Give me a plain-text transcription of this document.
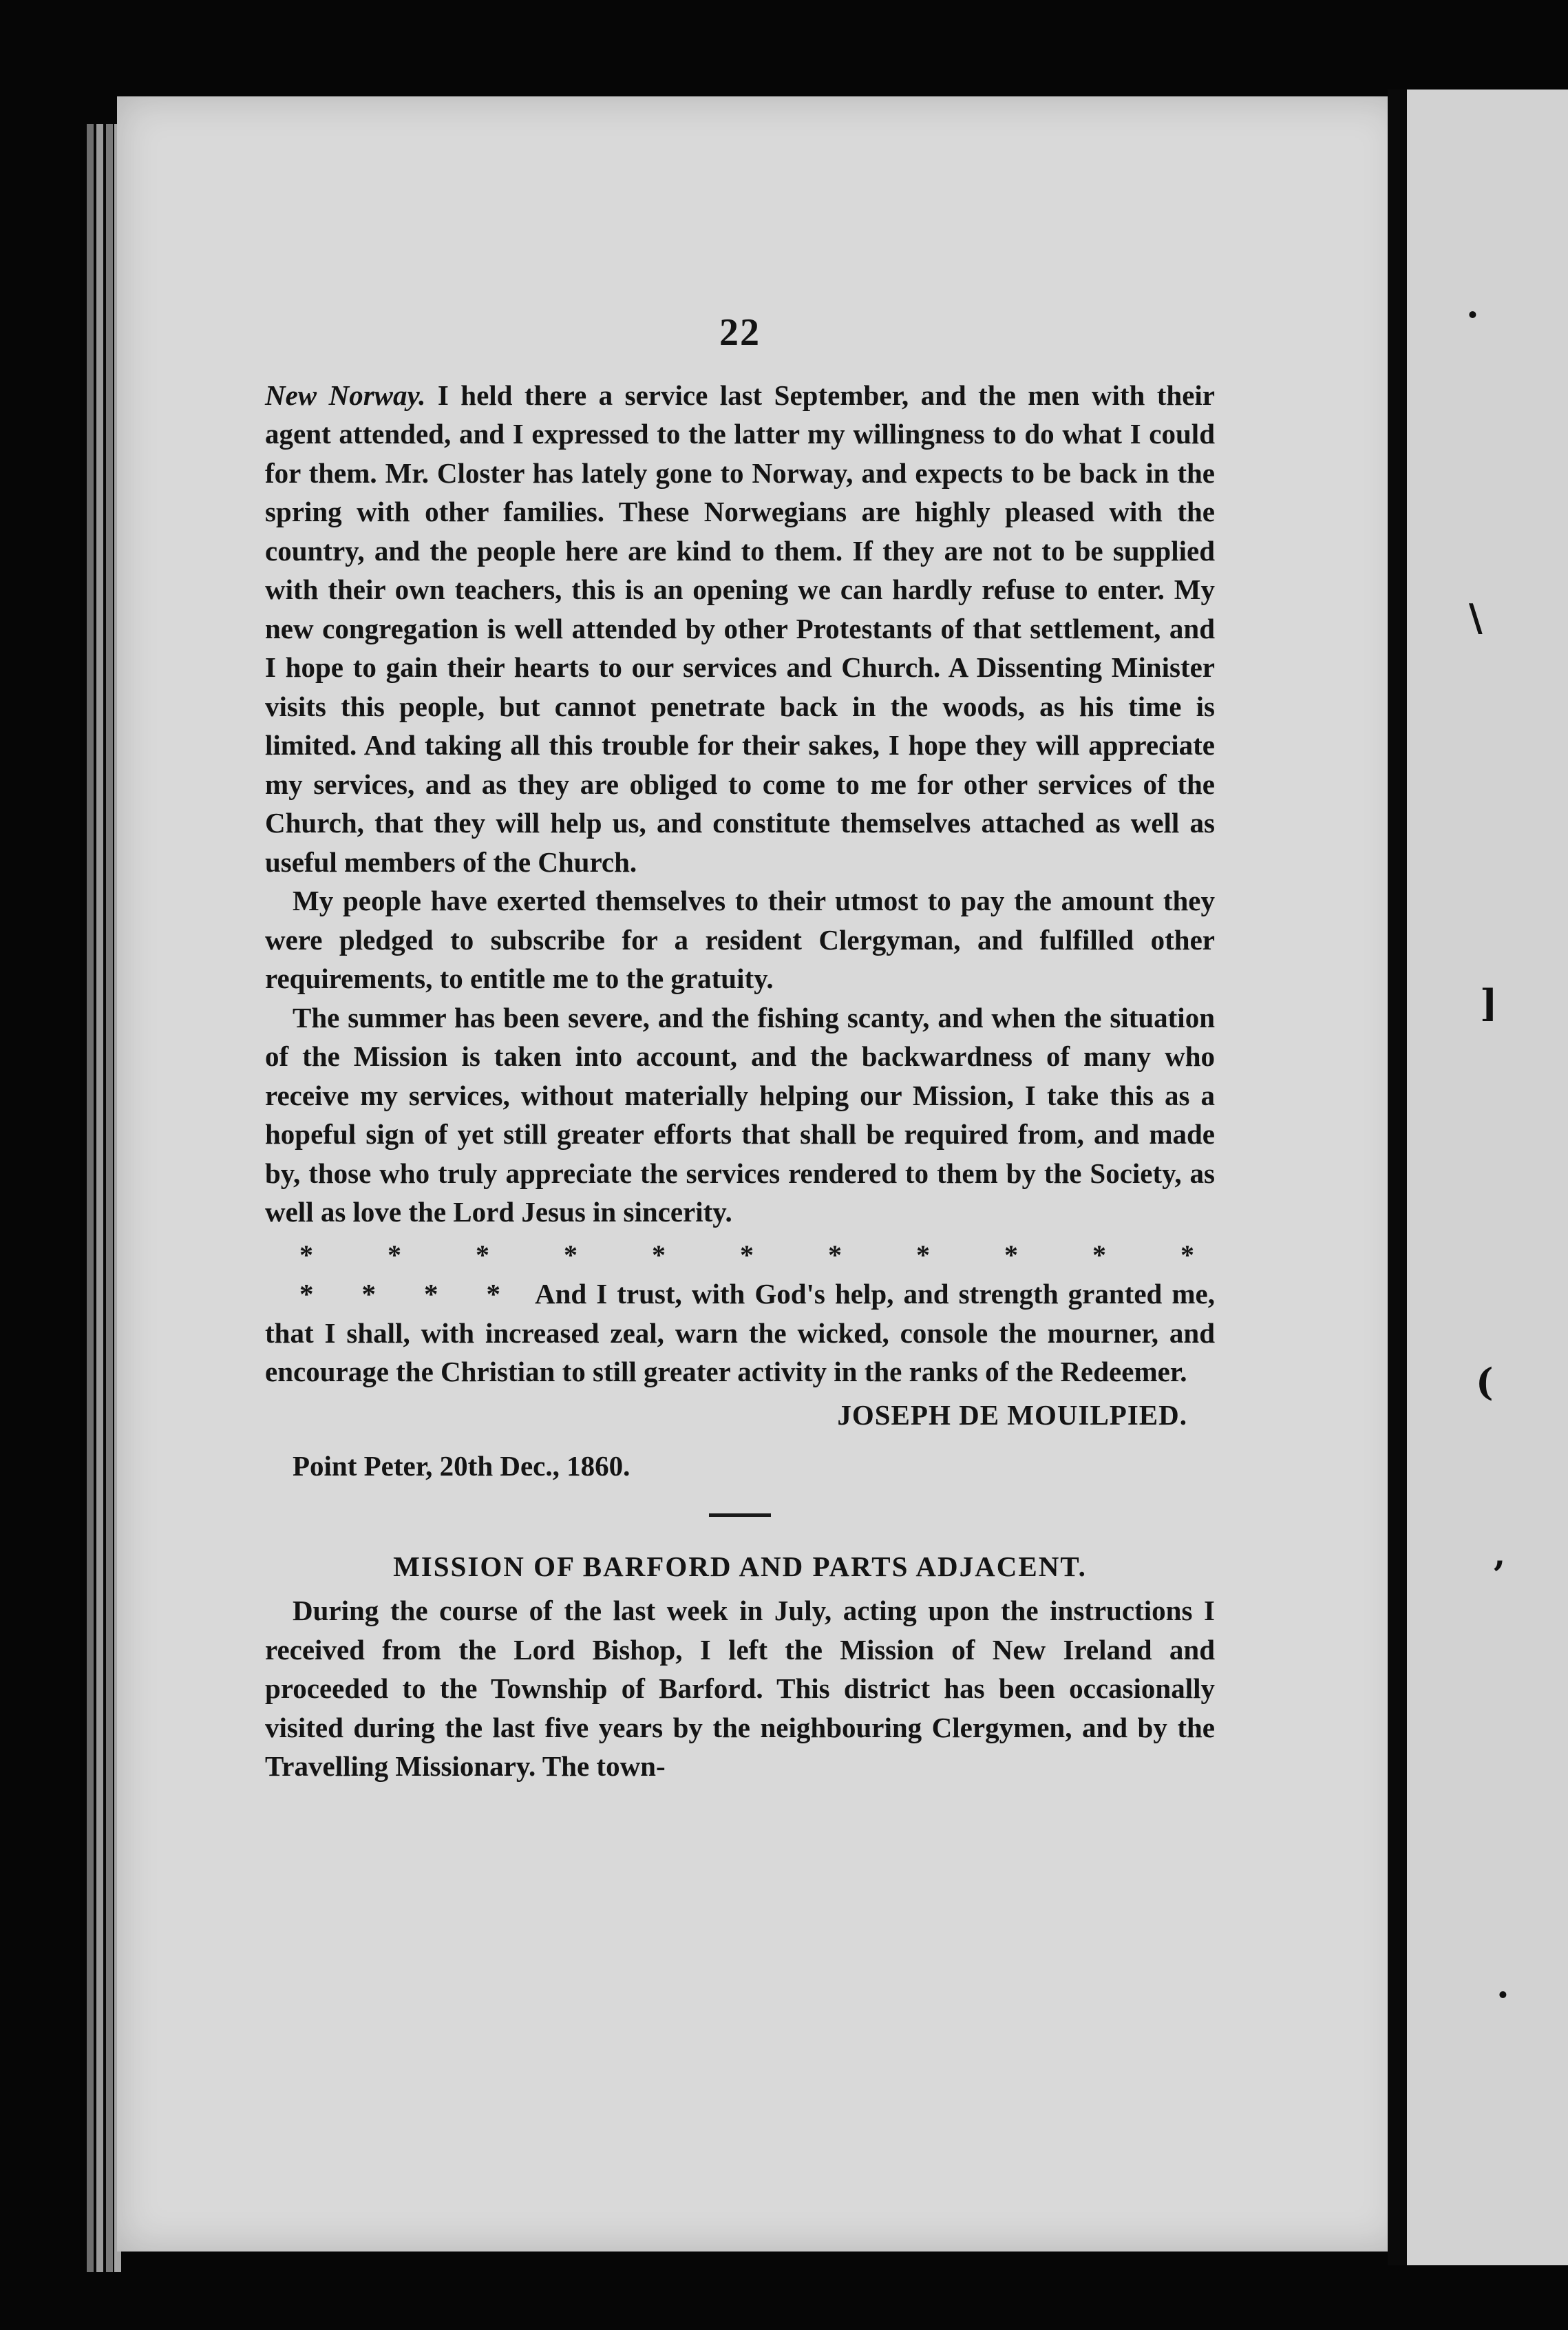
·
\
]
(
’
·

22

New Norway. I held there a service last September, and the men with their agent attended, and I expressed to the latter my willingness to do what I could for them. Mr. Closter has lately gone to Norway, and expects to be back in the spring with other families. These Norwegians are highly pleased with the country, and the people here are kind to them. If they are not to be supplied with their own teachers, this is an opening we can hardly refuse to enter. My new congregation is well attended by other Protestants of that settlement, and I hope to gain their hearts to our services and Church. A Dissenting Minister visits this people, but cannot penetrate back in the woods, as his time is limited. And taking all this trouble for their sakes, I hope they will appreciate my services, and as they are obliged to come to me for other services of the Church, that they will help us, and constitute themselves attached as well as useful members of the Church.

My people have exerted themselves to their utmost to pay the amount they were pledged to subscribe for a resident Clergyman, and fulfilled other requirements, to entitle me to the gratuity.

The summer has been severe, and the fishing scanty, and when the situation of the Mission is taken into account, and the backwardness of many who receive my services, without materially helping our Mission, I take this as a hopeful sign of yet still greater efforts that shall be required from, and made by, those who truly appreciate the services rendered to them by the Society, as well as love the Lord Jesus in sincerity.

*	*	*	*	*	*	*	*	*	*	*

* * * * And I trust, with God's help, and strength granted me, that I shall, with increased zeal, warn the wicked, console the mourner, and encourage the Christian to still greater activity in the ranks of the Redeemer.

JOSEPH DE MOUILPIED.

Point Peter, 20th Dec., 1860.

MISSION OF BARFORD AND PARTS ADJACENT.

During the course of the last week in July, acting upon the instructions I received from the Lord Bishop, I left the Mission of New Ireland and proceeded to the Township of Barford. This district has been occasionally visited during the last five years by the neighbouring Clergymen, and by the Travelling Missionary. The town-
